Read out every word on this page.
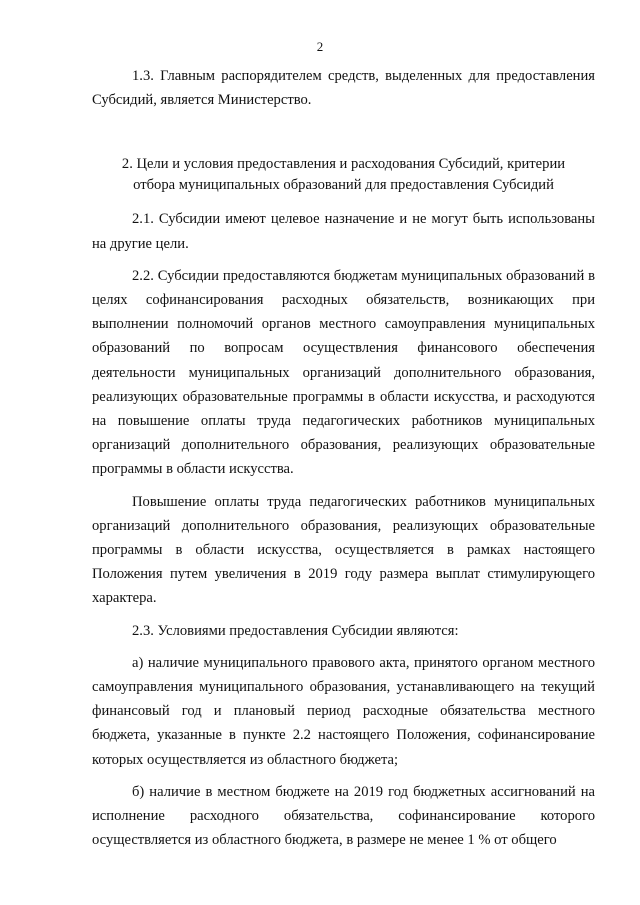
2

1.3. Главным распорядителем средств, выделенных для предоставления Субсидий, является Министерство.

2. Цели и условия предоставления и расходования Субсидий, критерии
отбора муниципальных образований для предоставления Субсидий

2.1. Субсидии имеют целевое назначение и не могут быть использованы на другие цели.

2.2. Субсидии предоставляются бюджетам муниципальных образований в целях софинансирования расходных обязательств, возникающих при выполнении полномочий органов местного самоуправления муниципальных образований по вопросам осуществления финансового обеспечения деятельности муниципальных организаций дополнительного образования, реализующих образовательные программы в области искусства, и расходуются на повышение оплаты труда педагогических работников муниципальных организаций дополнительного образования, реализующих образовательные программы в области искусства.

Повышение оплаты труда педагогических работников муниципальных организаций дополнительного образования, реализующих образовательные программы в области искусства, осуществляется в рамках настоящего Положения путем увеличения в 2019 году размера выплат стимулирующего характера.

2.3. Условиями предоставления Субсидии являются:

а) наличие муниципального правового акта, принятого органом местного самоуправления муниципального образования, устанавливающего на текущий финансовый год и плановый период расходные обязательства местного бюджета, указанные в пункте 2.2 настоящего Положения, софинансирование которых осуществляется из областного бюджета;

б) наличие в местном бюджете на 2019 год бюджетных ассигнований на исполнение расходного обязательства, софинансирование которого осуществляется из областного бюджета, в размере не менее 1 % от общего
